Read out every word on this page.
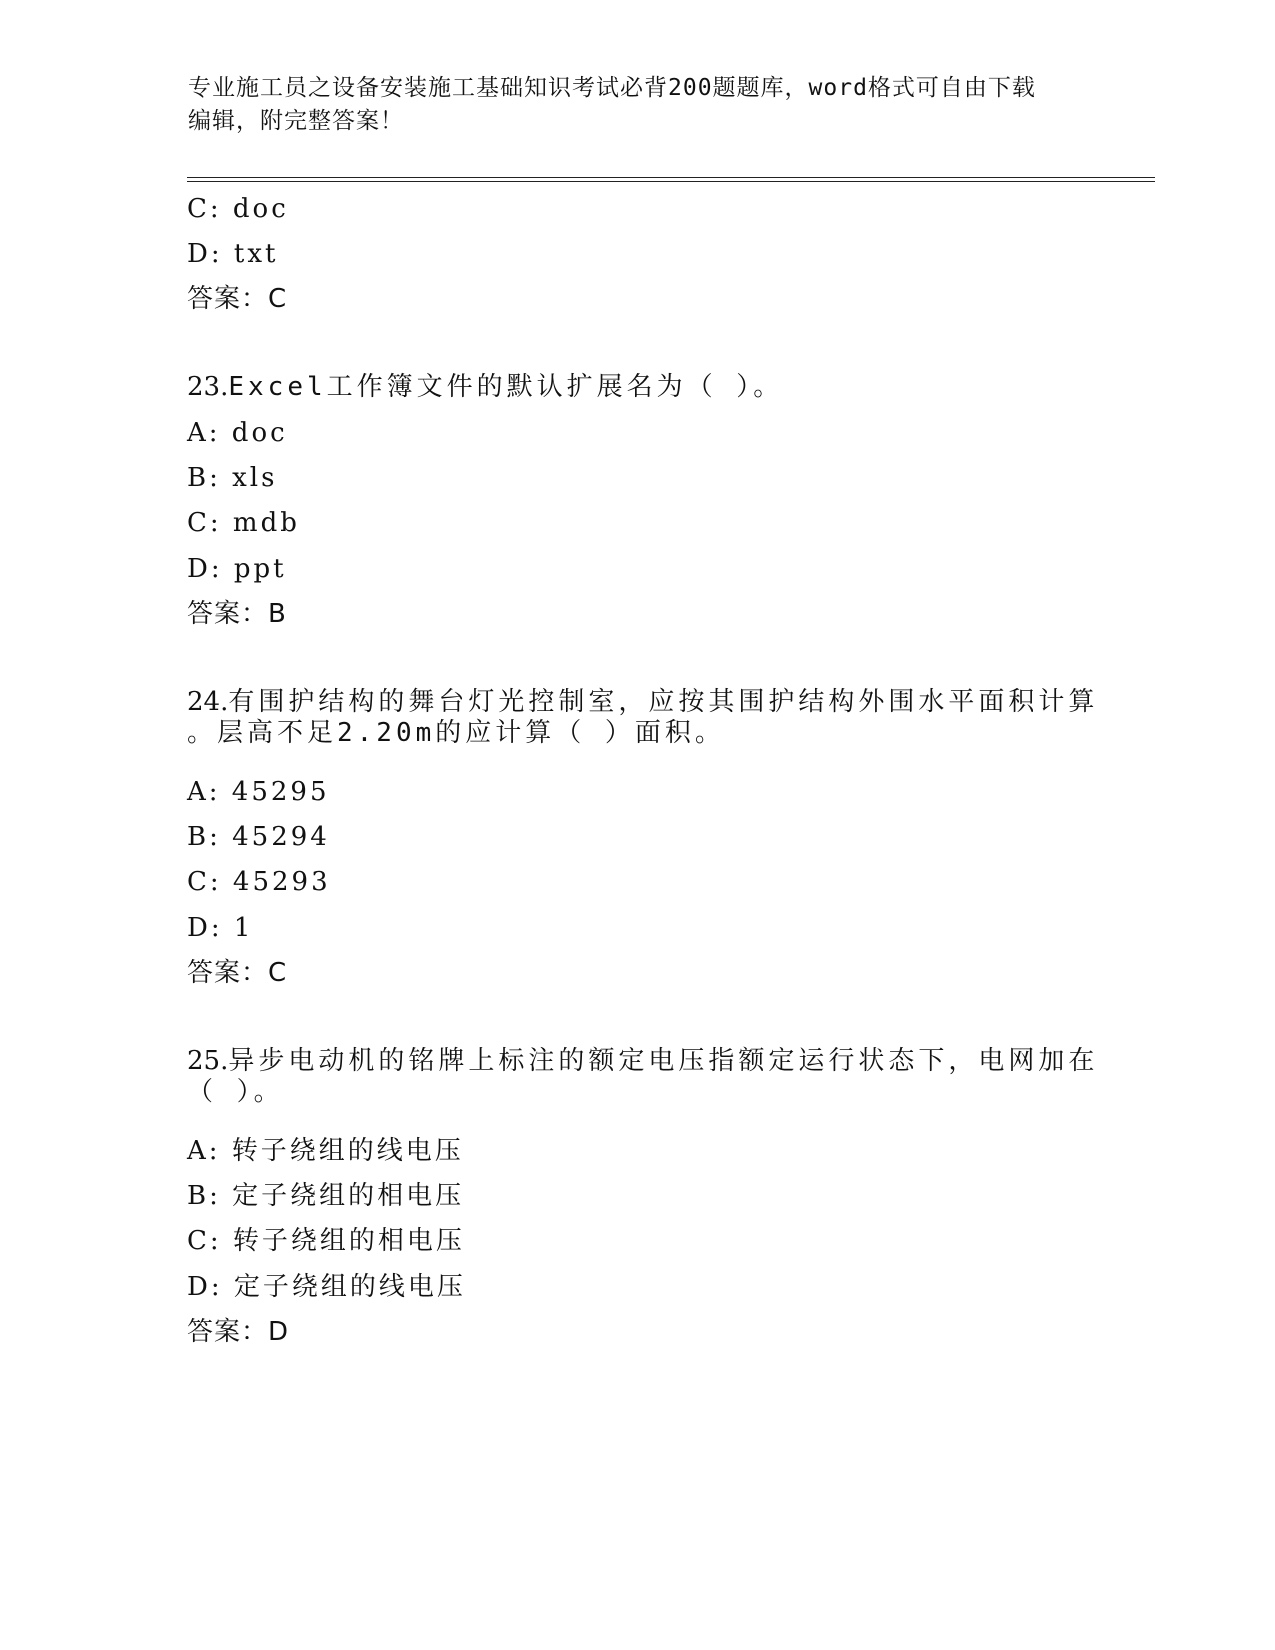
专业施工员之设备安装施工基础知识考试必背200题题库，word格式可自由下载
编辑，附完整答案！
C: doc
D: txt
答案：C
23.Excel工作簿文件的默认扩展名为（ ）。
A: doc
B: xls
C: mdb
D: ppt
答案：B
24.有围护结构的舞台灯光控制室，应按其围护结构外围水平面积计算
。层高不足2.20m的应计算（ ）面积。
A: 45295
B: 45294
C: 45293
D: 1
答案：C
25.异步电动机的铭牌上标注的额定电压指额定运行状态下，电网加在
（ ）。
A: 转子绕组的线电压
B: 定子绕组的相电压
C: 转子绕组的相电压
D: 定子绕组的线电压
答案：D
